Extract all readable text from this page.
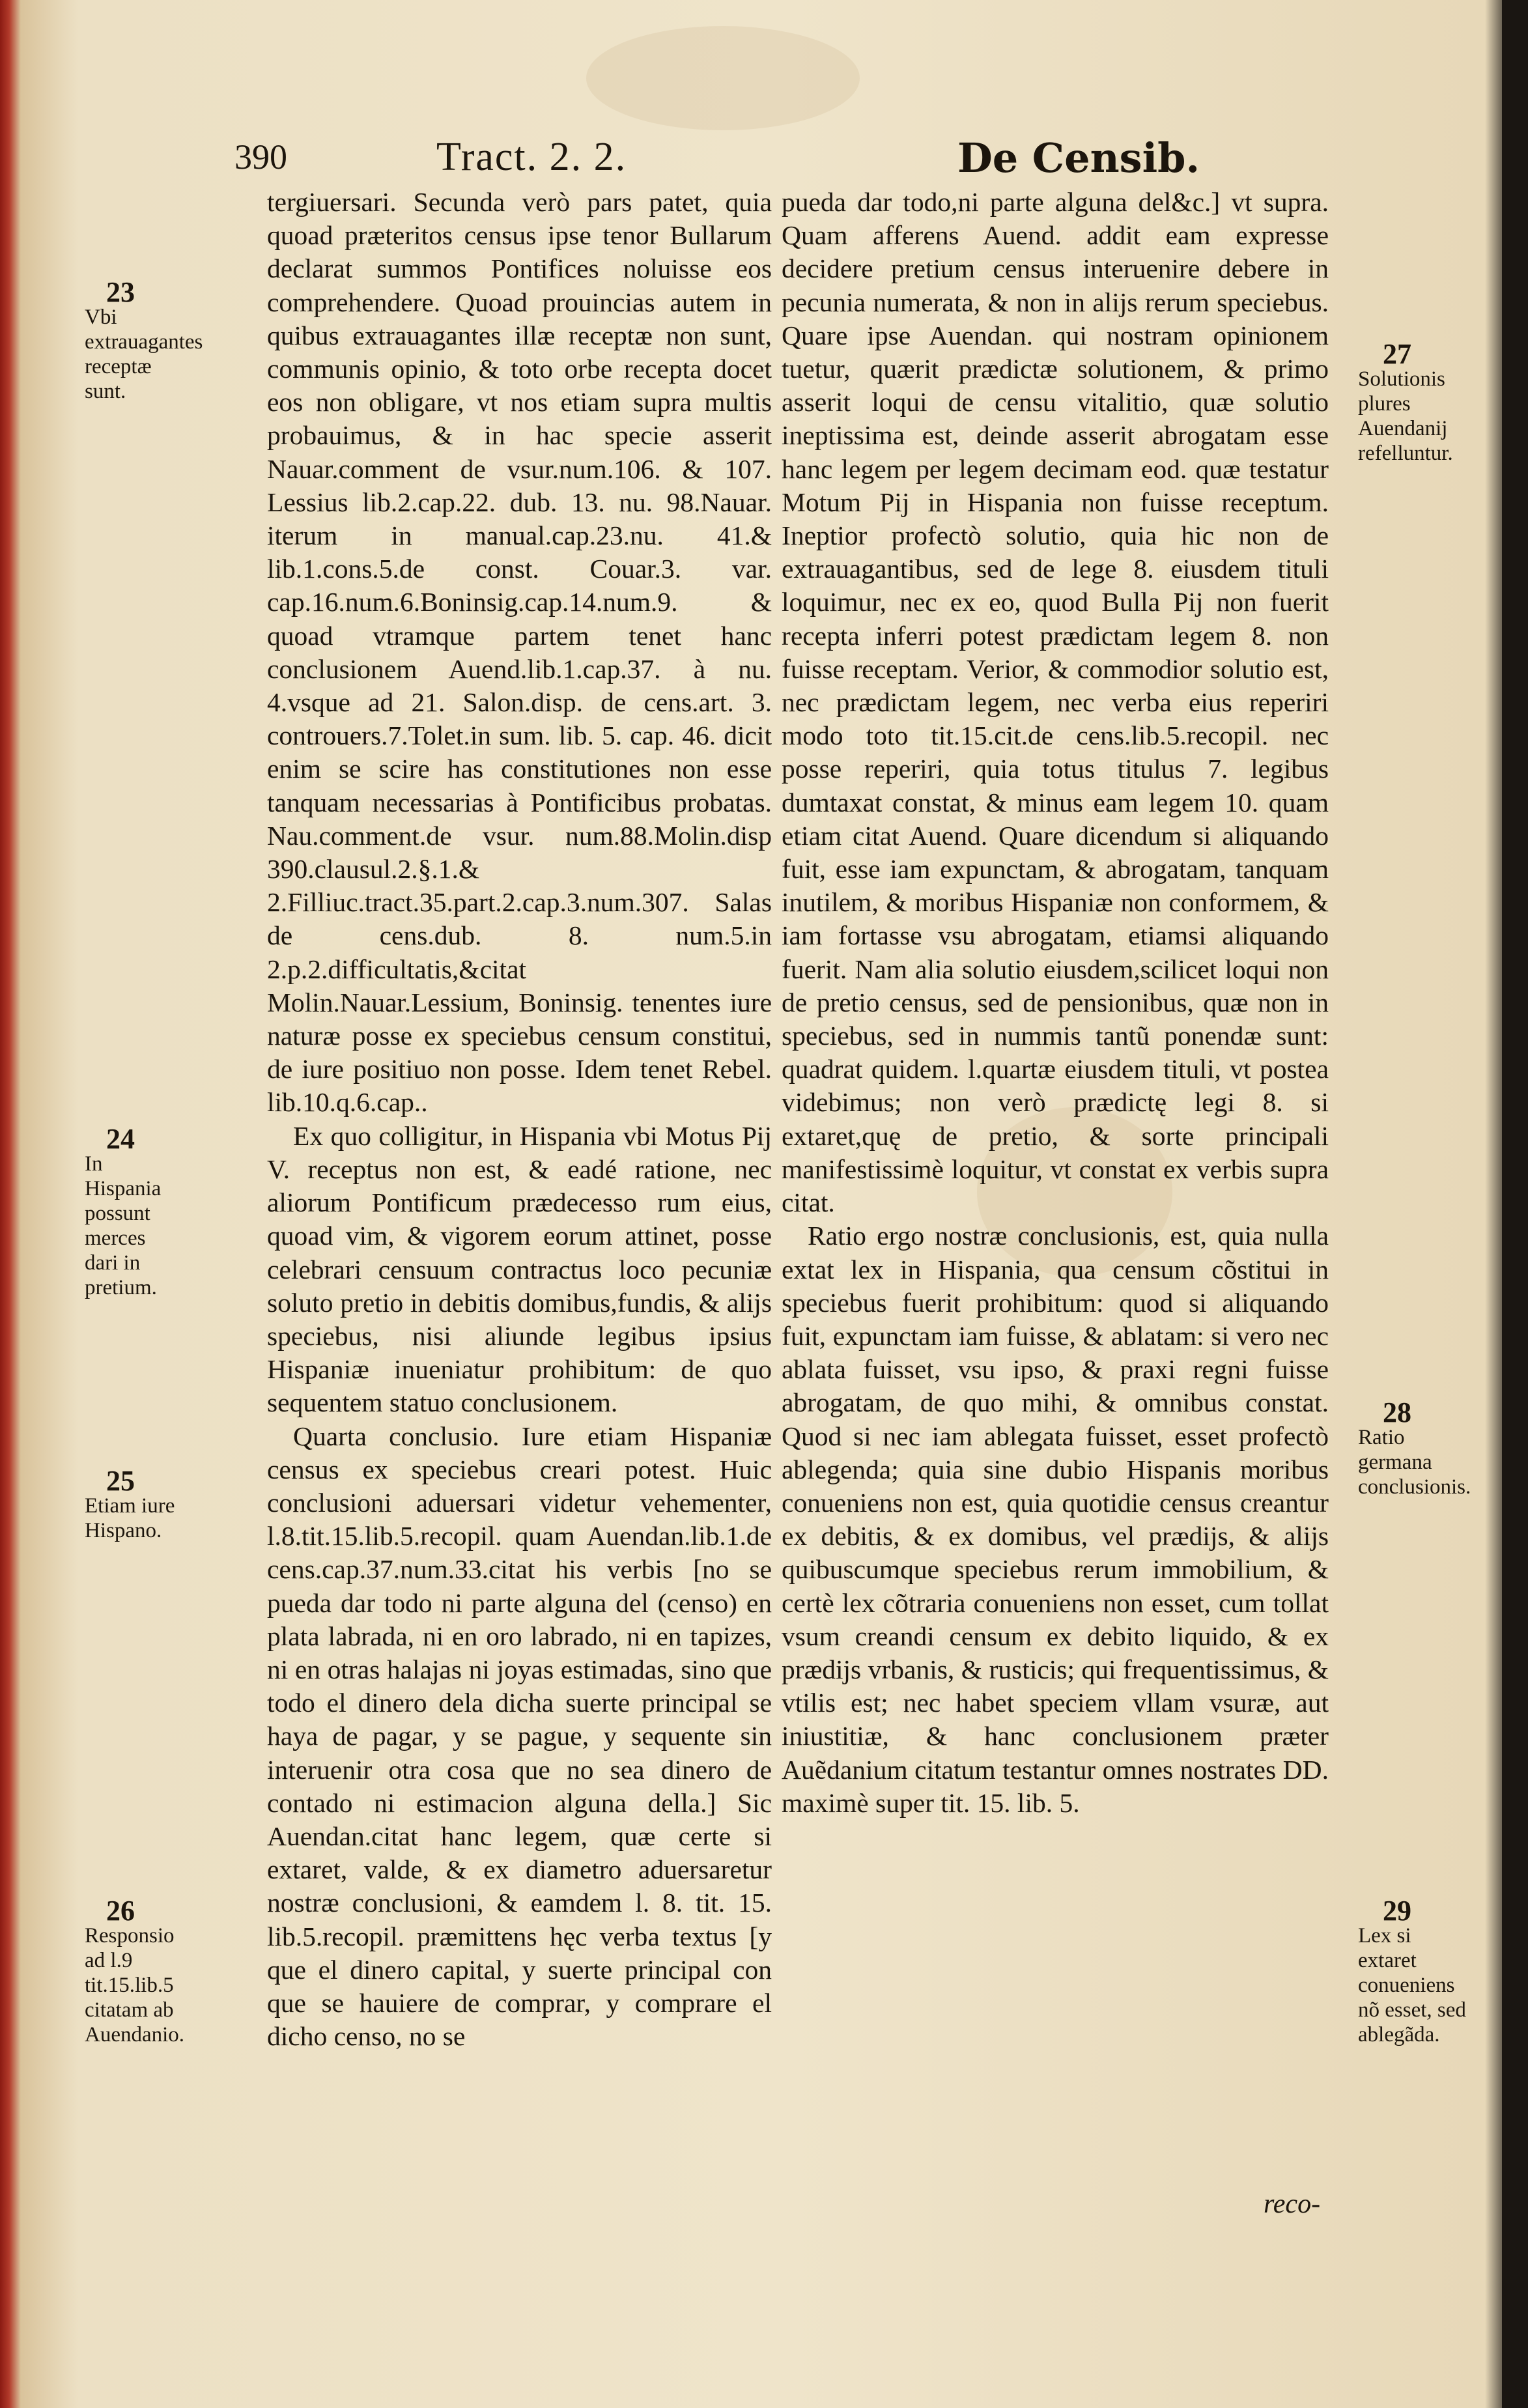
390	Tract. 2. 2.	De Censib.

tergiuersari. Secunda verò pars patet, quia quoad præteritos census ipse tenor Bullarum declarat summos Pontifices noluisse eos comprehendere. Quoad prouincias autem in quibus extrauagantes illæ receptæ non sunt, communis opinio, & toto orbe recepta docet eos non obligare, vt nos etiam supra multis probauimus, & in hac specie asserit Nauar.comment de vsur.num.106. & 107. Lessius lib.2.cap.22. dub. 13. nu. 98.Nauar. iterum in manual.cap.23.nu. 41.& lib.1.cons.5.de const. Couar.3. var. cap.16.num.6.Boninsig.cap.14.num.9. & quoad vtramque partem tenet hanc conclusionem Auend.lib.1.cap.37. à nu. 4.vsque ad 21. Salon.disp. de cens.art. 3. controuers.7.Tolet.in sum. lib. 5. cap. 46. dicit enim se scire has constitutiones non esse tanquam necessarias à Pontificibus probatas. Nau.comment.de vsur. num.88.Molin.disp 390.clausul.2.§.1.& 2.Filliuc.tract.35.part.2.cap.3.num.307. Salas de cens.dub. 8. num.5.in 2.p.2.difficultatis,&citat Molin.Nauar.Lessium, Boninsig. tenentes iure naturæ posse ex speciebus censum constitui, de iure positiuo non posse. Idem tenet Rebel. lib.10.q.6.cap..

Ex quo colligitur, in Hispania vbi Motus Pij V. receptus non est, & eadé ratione, nec aliorum Pontificum prædecesso rum eius, quoad vim, & vigorem eorum attinet, posse celebrari censuum contractus loco pecuniæ soluto pretio in debitis domibus,fundis, & alijs speciebus, nisi aliunde legibus ipsius Hispaniæ inueniatur prohibitum: de quo sequentem statuo conclusionem.

Quarta conclusio. Iure etiam Hispaniæ census ex speciebus creari potest. Huic conclusioni aduersari videtur vehementer, l.8.tit.15.lib.5.recopil. quam Auendan.lib.1.de cens.cap.37.num.33.citat his verbis [no se pueda dar todo ni parte alguna del (censo) en plata labrada, ni en oro labrado, ni en tapizes, ni en otras halajas ni joyas estimadas, sino que todo el dinero dela dicha suerte principal se haya de pagar, y se pague, y sequente sin interuenir otra cosa que no sea dinero de contado ni estimacion alguna della.] Sic Auendan.citat hanc legem, quæ certe si extaret, valde, & ex diametro aduersaretur nostræ conclusioni, & eamdem l. 8. tit. 15. lib.5.recopil. præmittens hęc verba textus [y que el dinero capital, y suerte principal con que se hauiere de comprar, y comprare el dicho censo, no se

pueda dar todo,ni parte alguna del&c.] vt supra. Quam afferens Auend. addit eam expresse decidere pretium census interuenire debere in pecunia numerata, & non in alijs rerum speciebus. Quare ipse Auendan. qui nostram opinionem tuetur, quærit prædictæ solutionem, & primo asserit loqui de censu vitalitio, quæ solutio ineptissima est, deinde asserit abrogatam esse hanc legem per legem decimam eod. quæ testatur Motum Pij in Hispania non fuisse receptum. Ineptior profectò solutio, quia hic non de extrauagantibus, sed de lege 8. eiusdem tituli loquimur, nec ex eo, quod Bulla Pij non fuerit recepta inferri potest prædictam legem 8. non fuisse receptam. Verior, & commodior solutio est, nec prædictam legem, nec verba eius reperiri modo toto tit.15.cit.de cens.lib.5.recopil. nec posse reperiri, quia totus titulus 7. legibus dumtaxat constat, & minus eam legem 10. quam etiam citat Auend. Quare dicendum si aliquando fuit, esse iam expunctam, & abrogatam, tanquam inutilem, & moribus Hispaniæ non conformem, & iam fortasse vsu abrogatam, etiamsi aliquando fuerit. Nam alia solutio eiusdem,scilicet loqui non de pretio census, sed de pensionibus, quæ non in speciebus, sed in nummis tantũ ponendæ sunt: quadrat quidem. l.quartæ eiusdem tituli, vt postea videbimus; non verò prædictę legi 8. si extaret,quę de pretio, & sorte principali manifestissimè loquitur, vt constat ex verbis supra citat.

Ratio ergo nostræ conclusionis, est, quia nulla extat lex in Hispania, qua censum cõstitui in speciebus fuerit prohibitum: quod si aliquando fuit, expunctam iam fuisse, & ablatam: si vero nec ablata fuisset, vsu ipso, & praxi regni fuisse abrogatam, de quo mihi, & omnibus constat. Quod si nec iam ablegata fuisset, esset profectò ablegenda; quia sine dubio Hispanis moribus conueniens non est, quia quotidie census creantur ex debitis, & ex domibus, vel prædijs, & alijs quibuscumque speciebus rerum immobilium, & certè lex cõtraria conueniens non esset, cum tollat vsum creandi censum ex debito liquido, & ex prædijs vrbanis, & rusticis; qui frequentissimus, & vtilis est; nec habet speciem vllam vsuræ, aut iniustitiæ, & hanc conclusionem præter Auẽdanium citatum testantur omnes nostrates DD. maximè super tit. 15. lib. 5.

23
Vbi extrauagantes receptæ sunt.
24
In Hispania possunt merces dari in pretium.
25
Etiam iure Hispano.
26
Responsio ad l.9 tit.15.lib.5 citatam ab Auendanio.
27
Solutionis plures Auendanij refelluntur.
28
Ratio germana conclusionis.
29
Lex si extaret conueniens nõ esset, sed ablegãda.
reco-
